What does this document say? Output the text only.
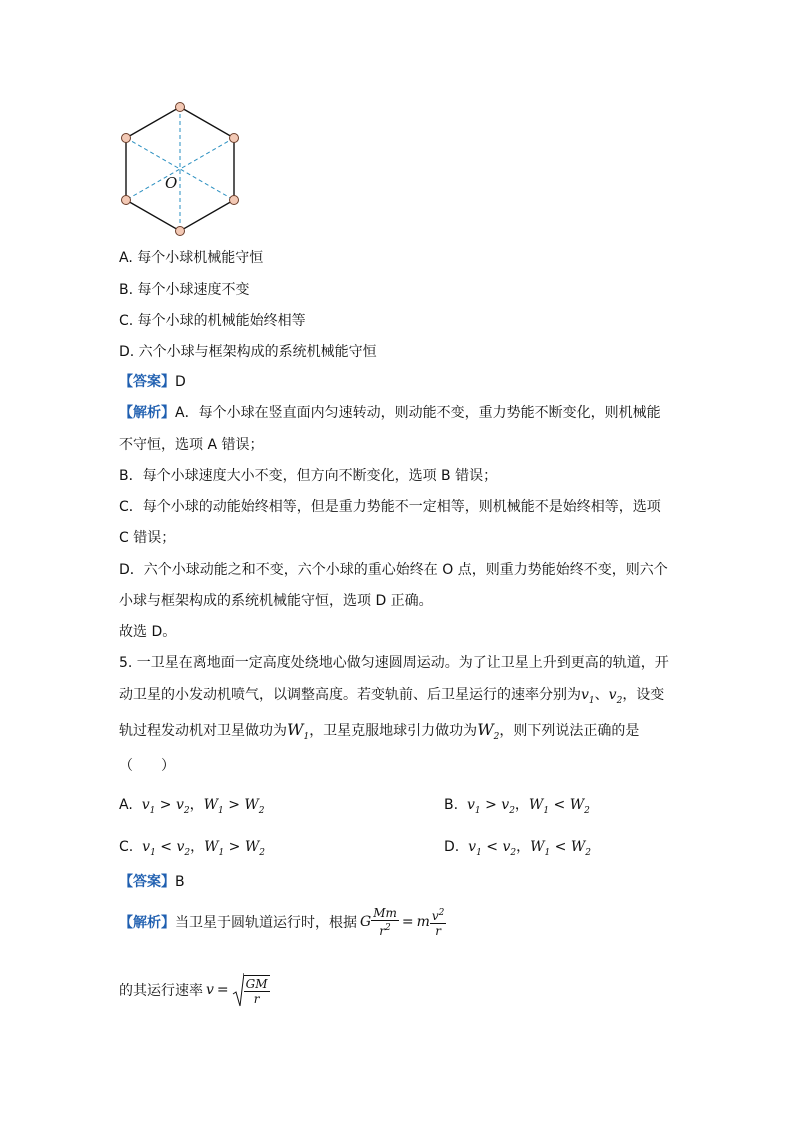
O
A. 每个小球机械能守恒
B. 每个小球速度不变
C. 每个小球的机械能始终相等
D. 六个小球与框架构成的系统机械能守恒
【答案】D
【解析】A．每个小球在竖直面内匀速转动，则动能不变，重力势能不断变化，则机械能
不守恒，选项 A 错误；
B．每个小球速度大小不变，但方向不断变化，选项 B 错误；
C．每个小球的动能始终相等，但是重力势能不一定相等，则机械能不是始终相等，选项
C 错误；
D．六个小球动能之和不变，六个小球的重心始终在 O 点，则重力势能始终不变，则六个
小球与框架构成的系统机械能守恒，选项 D 正确。
故选 D。
5. 一卫星在离地面一定高度处绕地心做匀速圆周运动。为了让卫星上升到更高的轨道，开
动卫星的小发动机喷气，以调整高度。若变轨前、后卫星运行的速率分别为$v_1$、$v_2$，设变
轨过程发动机对卫星做功为$W_1$，卫星克服地球引力做功为$W_2$，则下列说法正确的是
（　　）
A. $v_1 > v_2$，$W_1 > W_2$	B. $v_1 > v_2$，$W_1 < W_2$
C. $v_1 < v_2$，$W_1 > W_2$	D. $v_1 < v_2$，$W_1 < W_2$
【答案】B
【解析】 当卫星于圆轨道运行时，根据 G $\frac{Mm}{r^2} = m \frac{v^2}{r}$
的其运行速率 $v = \frac{GM}{r}$
